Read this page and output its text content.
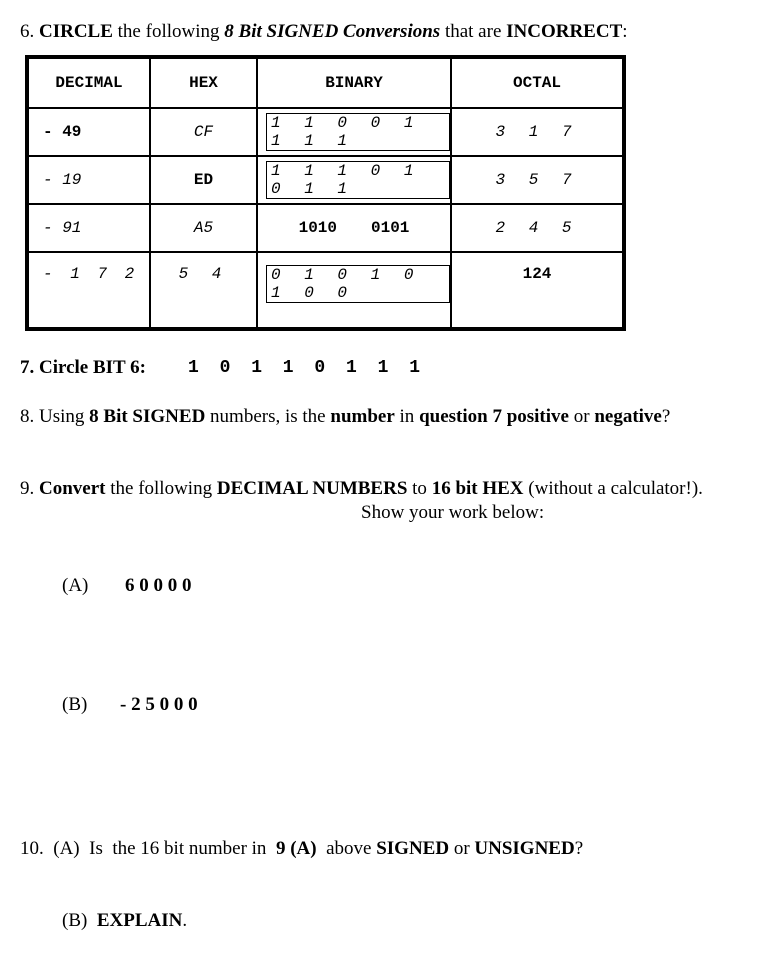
6. CIRCLE the following 8 Bit SIGNED Conversions that are INCORRECT:
DECIMAL	HEX	BINARY	OCTAL
- 49	CF	1 1 0 0 1 1 1 1	3 1 7
- 19	ED	1 1 1 0 1 0 1 1	3 5 7
- 91	A5	1010 0101	2 4 5
- 1 7 2	5 4	0 1 0 1 0 1 0 0	124
7. Circle BIT 6: 1 0 1 1 0 1 1 1
8. Using 8 Bit SIGNED numbers, is the number in question 7 positive or negative?
9. Convert the following DECIMAL NUMBERS to 16 bit HEX (without a calculator!).
Show your work below:
(A) 6 0 0 0 0
(B) - 2 5 0 0 0
10.  (A)  Is  the 16 bit number in  9 (A)  above SIGNED or UNSIGNED?
(B)  EXPLAIN.
